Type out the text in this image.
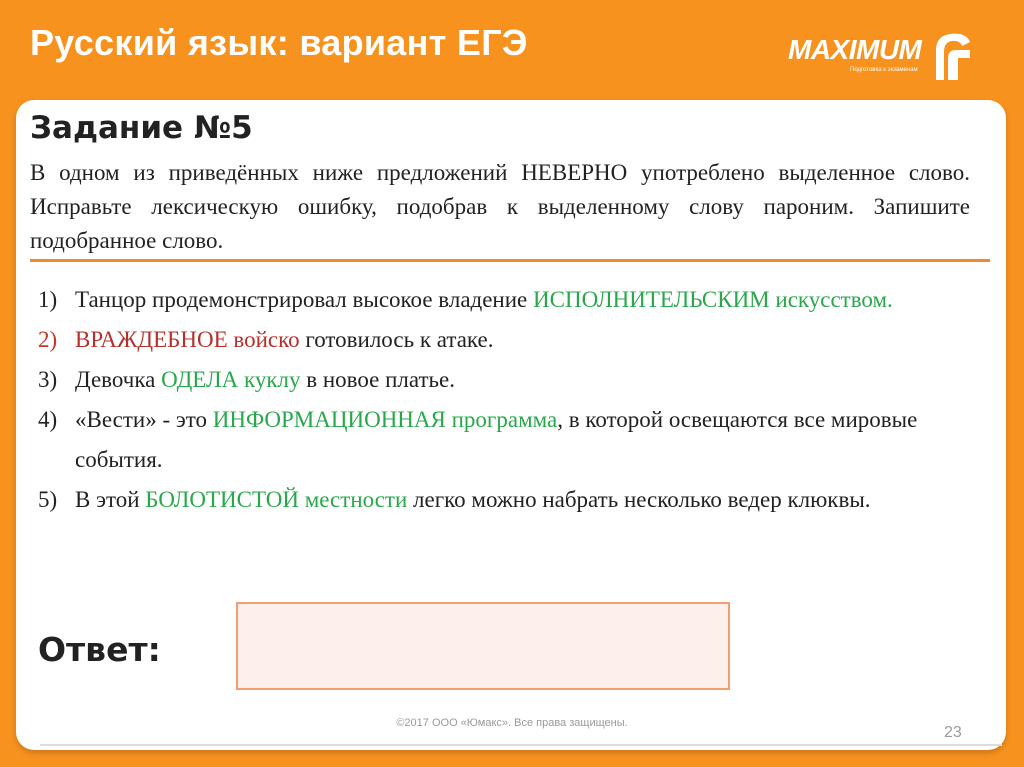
Русский язык: вариант ЕГЭ	MAXIMUM
Подготовка к экзаменам
Задание №5
В одном из приведённых ниже предложений НЕВЕРНО употреблено выделенное слово. Исправьте лексическую ошибку, подобрав к выделенному слову пароним. Запишите подобранное слово.
1) Танцор продемонстрировал высокое владение ИСПОЛНИТЕЛЬСКИМ искусством.
2) ВРАЖДЕБНОЕ войско готовилось к атаке.
3) Девочка ОДЕЛА куклу в новое платье.
4) «Вести» - это ИНФОРМАЦИОННАЯ программа, в которой освещаются все мировые события.
5) В этой БОЛОТИСТОЙ местности легко можно набрать несколько ведер клюквы.
Ответ:
©2017 ООО «Юмакс». Все права защищены.
23
